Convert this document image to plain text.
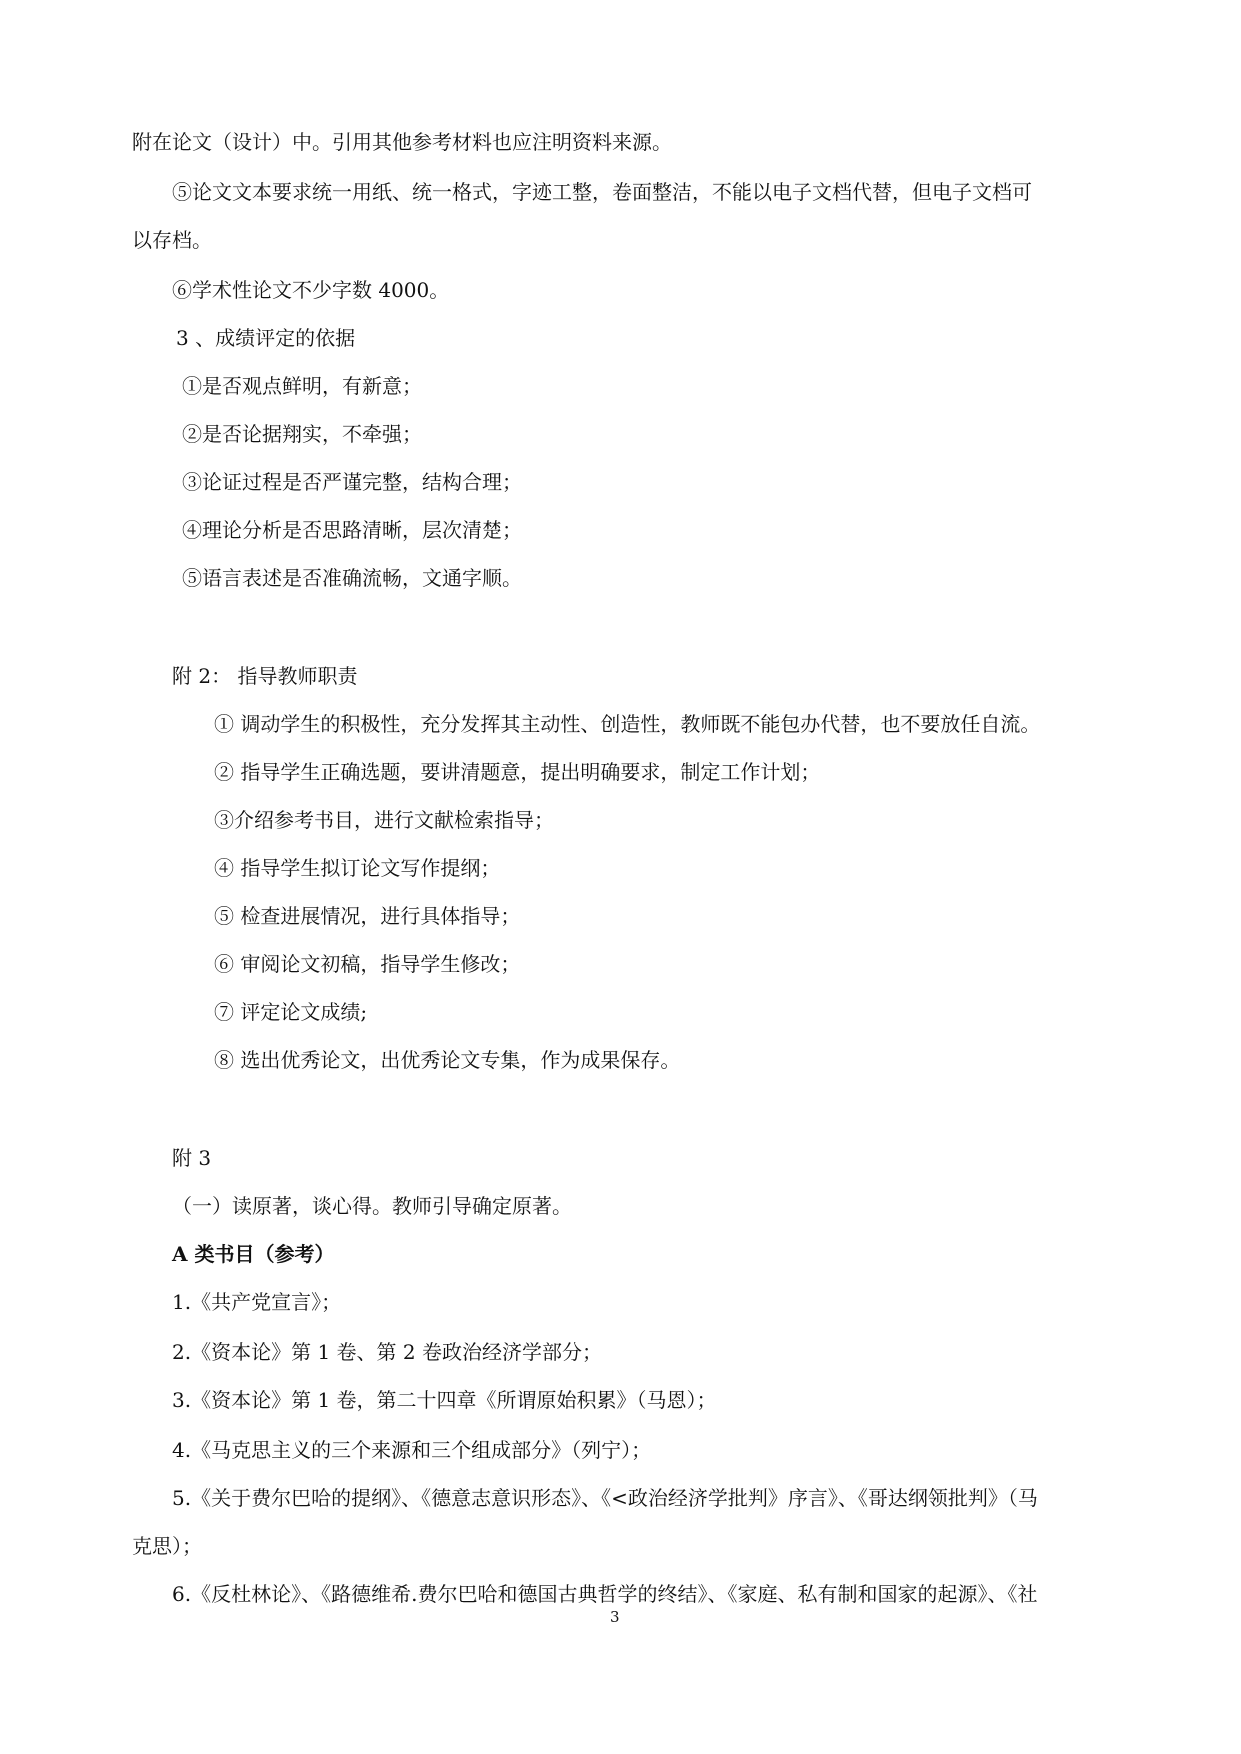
附在论文（设计）中。引用其他参考材料也应注明资料来源。
⑤论文文本要求统一用纸、统一格式，字迹工整，卷面整洁，不能以电子文档代替，但电子文档可
以存档。
⑥学术性论文不少字数 4000。
3 、成绩评定的依据
①是否观点鲜明，有新意；
②是否论据翔实，不牵强；
③论证过程是否严谨完整，结构合理；
④理论分析是否思路清晰，层次清楚；
⑤语言表述是否准确流畅，文通字顺。
附 2： 指导教师职责
① 调动学生的积极性，充分发挥其主动性、创造性，教师既不能包办代替，也不要放任自流。
② 指导学生正确选题，要讲清题意，提出明确要求，制定工作计划；
③介绍参考书目，进行文献检索指导；
④ 指导学生拟订论文写作提纲；
⑤ 检查进展情况，进行具体指导；
⑥ 审阅论文初稿，指导学生修改；
⑦ 评定论文成绩;
⑧ 选出优秀论文，出优秀论文专集，作为成果保存。
附 3
（一）读原著，谈心得。教师引导确定原著。
A 类书目（参考）
1.《共产党宣言》；
2.《资本论》第 1 卷、第 2 卷政治经济学部分；
3.《资本论》第 1 卷，第二十四章《所谓原始积累》（马恩）；
4.《马克思主义的三个来源和三个组成部分》（列宁）；
5.《关于费尔巴哈的提纲》、《德意志意识形态》、《<政治经济学批判》序言》、《哥达纲领批判》（马
克思）；
6.《反杜林论》、《路德维希.费尔巴哈和德国古典哲学的终结》、《家庭、私有制和国家的起源》、《社
3
